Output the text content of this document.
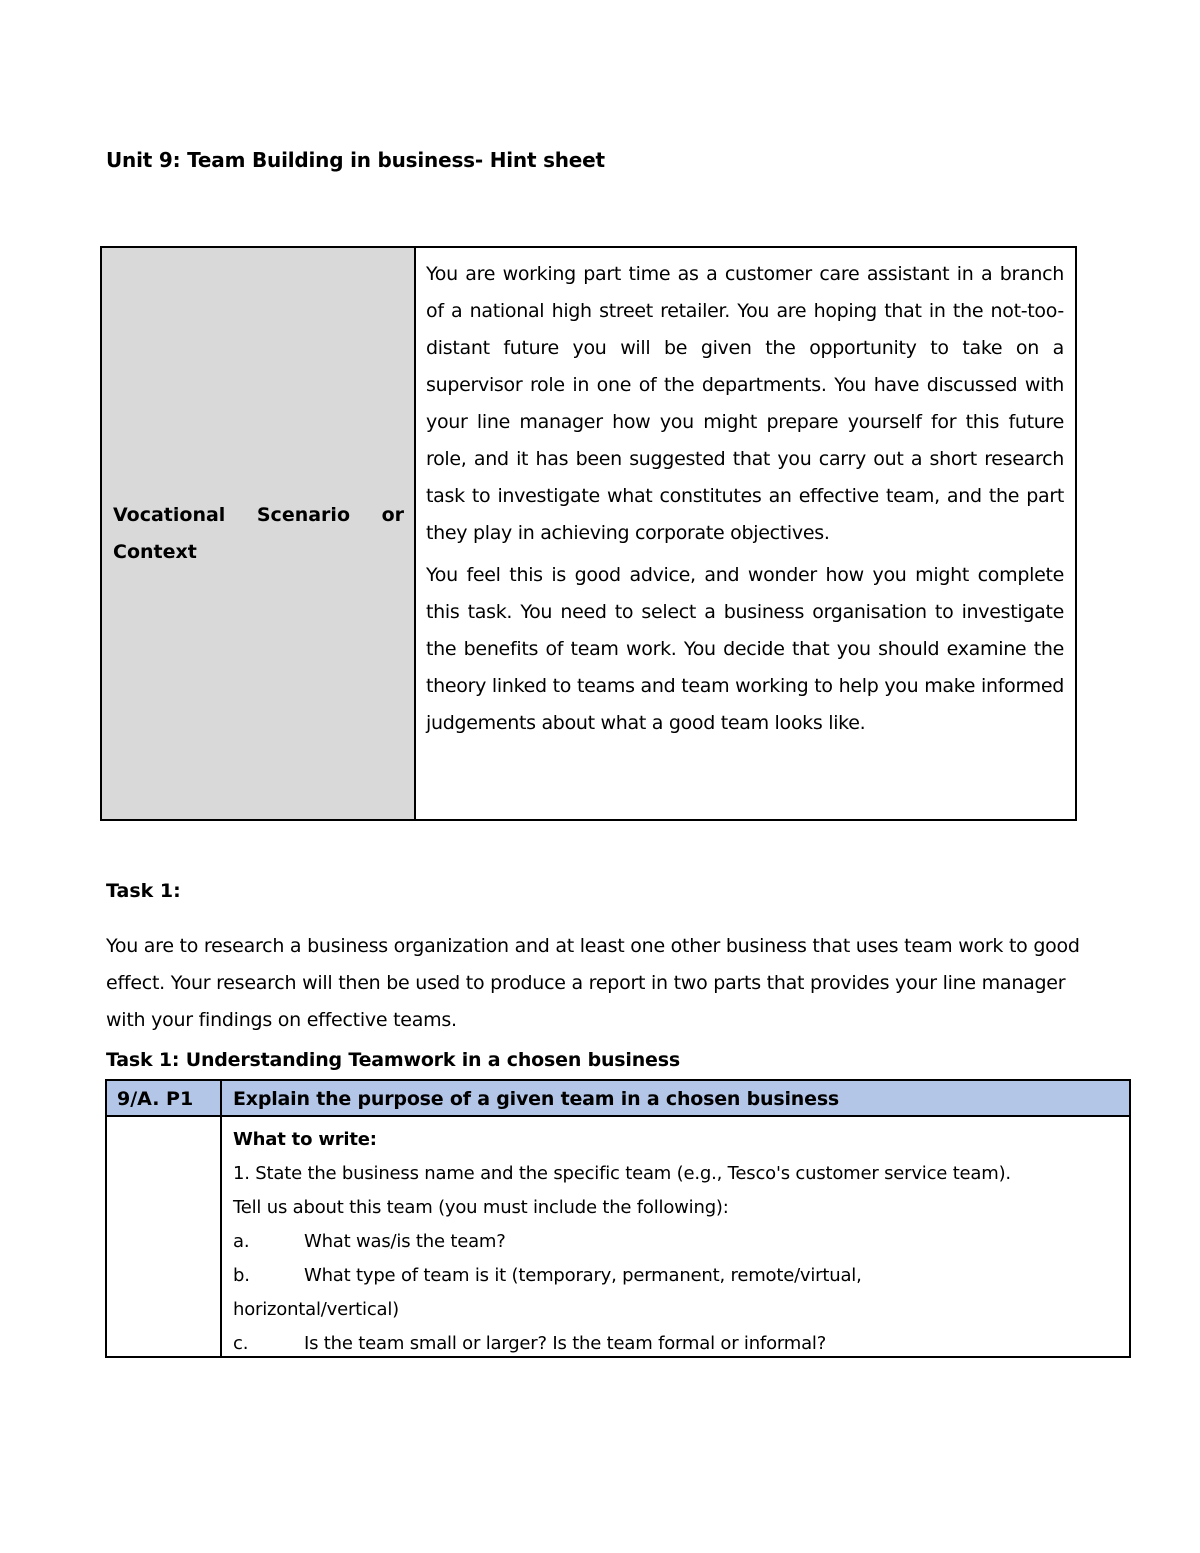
Unit 9: Team Building in business- Hint sheet
Vocational Scenario or
Context

You are working part time as a customer care assistant in a branch of a national high street retailer. You are hoping that in the not-too-distant future you will be given the opportunity to take on a supervisor role in one of the departments. You have discussed with your line manager how you might prepare yourself for this future role, and it has been suggested that you carry out a short research task to investigate what constitutes an effective team, and the part they play in achieving corporate objectives.

You feel this is good advice, and wonder how you might complete this task. You need to select a business organisation to investigate the benefits of team work. You decide that you should examine the theory linked to teams and team working to help you make informed judgements about what a good team looks like.

Task 1:

You are to research a business organization and at least one other business that uses team work to good effect. Your research will then be used to produce a report in two parts that provides your line manager with your findings on effective teams.

Task 1: Understanding Teamwork in a chosen business
9/A. P1	Explain the purpose of a given team in a chosen business
What to write:
1. State the business name and the specific team (e.g., Tesco's customer service team).
Tell us about this team (you must include the following):
a.	What was/is the team?
b.	What type of team is it (temporary, permanent, remote/virtual,
horizontal/vertical)
c.	Is the team small or larger? Is the team formal or informal?
